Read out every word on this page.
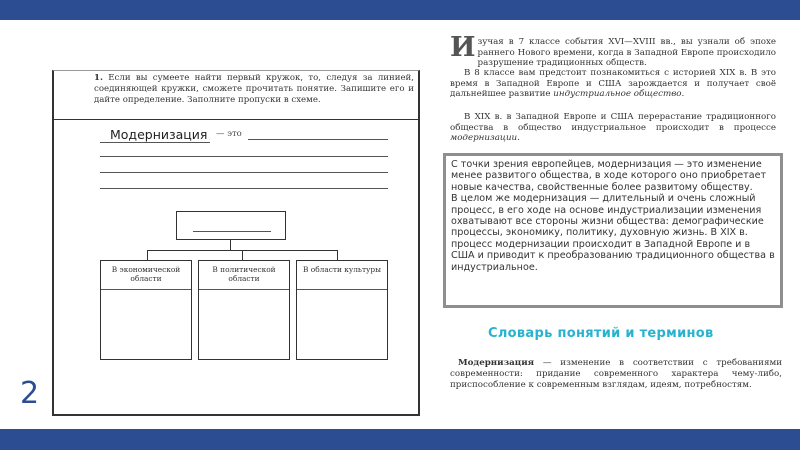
1. Если вы сумеете найти первый кружок, то, следуя за линией, соединяющей кружки, сможете прочитать понятие. Запишите его и дайте определение. Заполните пропуски в схеме.
Модернизация — это
В экономической области
В политической области
В области культуры
2
И зучая в 7 классе события XVI—XVIII вв., вы узнали об эпохе раннего Нового времени, когда в Западной Европе происходило разрушение традиционных обществ.
В 8 классе вам предстоит познакомиться с историей XIX в. В это время в Западной Европе и США зарождается и получает своё дальнейшее развитие индустриальное общество.
В XIX в. в Западной Европе и США перерастание традиционного общества в общество индустриальное происходит в процессе модернизации.

С точки зрения европейцев, модернизация — это изменение менее развитого общества, в ходе которого оно приобретает новые качества, свойственные более развитому обществу.

В целом же модернизация — длительный и очень сложный процесс, в его ходе на основе индустриализации изменения охватывают все стороны жизни общества: демографические процессы, экономику, политику, духовную жизнь. В XIX в. процесс модернизации происходит в Западной Европе и в США и приводит к преобразованию традиционного общества в индустриальное.

Словарь понятий и терминов
Модернизация — изменение в соответствии с требованиями современности: придание современного характера чему-либо, приспособление к современным взглядам, идеям, потребностям.
